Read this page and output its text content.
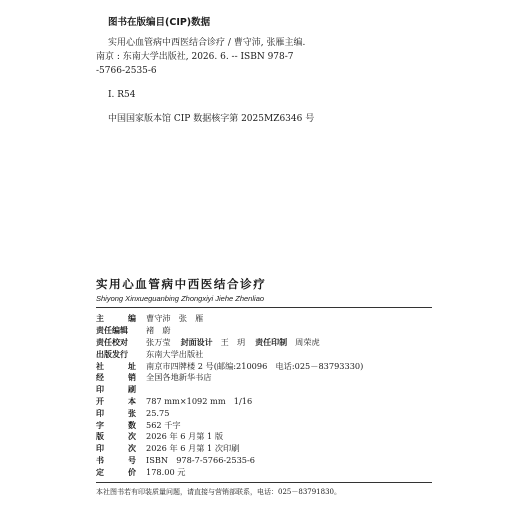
图书在版编目(CIP)数据
实用心血管病中西医结合诊疗 / 曹守沛, 张雁主编.
南京 : 东南大学出版社, 2026. 6. -- ISBN 978-7
-5766-2535-6
Ⅰ. R54
中国国家版本馆 CIP 数据核字第 2025MZ6346 号
实用心血管病中西医结合诊疗
Shiyong Xinxueguanbing Zhongxiyi Jiehe Zhenliao
主	编 曹守沛　张　雁
责任编辑	褚　蔚
责任校对	张万莹 封面设计 王　玥 责任印制 周荣虎
出版发行	东南大学出版社
社	址 南京市四牌楼 2 号(邮编:210096　电话:025－83793330)
经	销 全国各地新华书店
印	刷
开	本 787 mm×1092 mm　1/16
印	张 25.75
字	数 562 千字
版	次 2026 年 6 月第 1 版
印	次 2026 年 6 月第 1 次印刷
书	号 ISBN　978-7-5766-2535-6
定	价 178.00 元
本社图书若有印装质量问题，请直接与营销部联系，电话：025－83791830。
